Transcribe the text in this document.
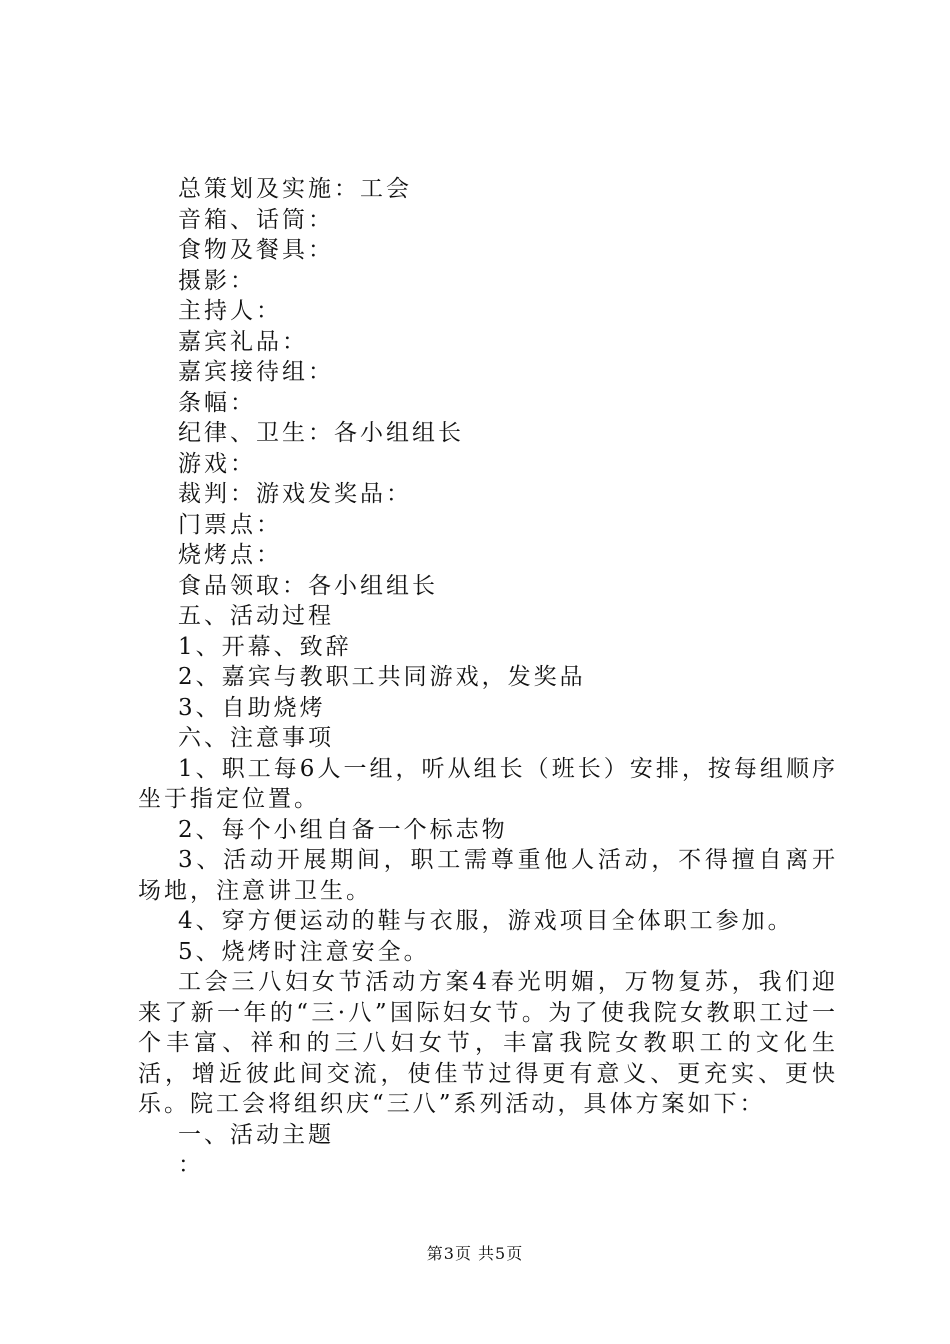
总策划及实施：工会

音箱、话筒：

食物及餐具：

摄影：

主持人：

嘉宾礼品：

嘉宾接待组：

条幅：

纪律、卫生：各小组组长

游戏：

裁判：游戏发奖品：

门票点：

烧烤点：

食品领取：各小组组长

五、活动过程

1、开幕、致辞

2、嘉宾与教职工共同游戏，发奖品

3、自助烧烤

六、注意事项

1、职工每6人一组，听从组长（班长）安排，按每组顺序坐于指定位置。

2、每个小组自备一个标志物

3、活动开展期间，职工需尊重他人活动，不得擅自离开场地，注意讲卫生。

4、穿方便运动的鞋与衣服，游戏项目全体职工参加。

5、烧烤时注意安全。

工会三八妇女节活动方案4春光明媚，万物复苏，我们迎来了新一年的“三·八”国际妇女节。为了使我院女教职工过一个丰富、祥和的三八妇女节，丰富我院女教职工的文化生活，增近彼此间交流，使佳节过得更有意义、更充实、更快乐。院工会将组织庆“三八”系列活动，具体方案如下：

一、活动主题

：

第3页 共5页
